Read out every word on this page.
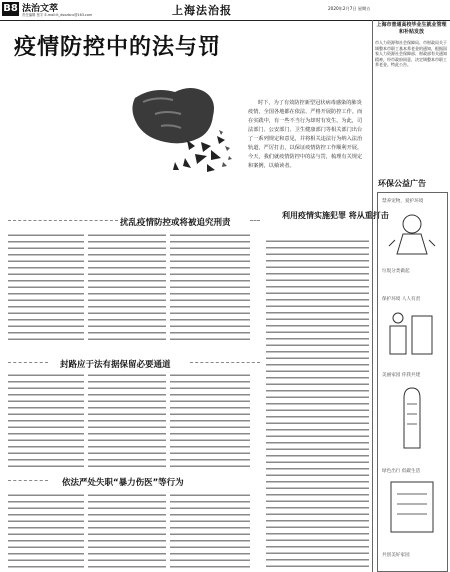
B8 法治文萃
责任编辑 张宇 E-mail:lt_dsxzbcu@163.com	上海法治报	2020年2月7日 星期五
疫情防控中的法与罚
时下，为了有效防控新型冠状病毒感染的肺炎疫情，全国各地都在依法、严格开展防控工作。而在实践中，有一些不当行为却时有发生。为此，司法部门、公安部门、卫生健康部门等相关部门出台了一系列规定和意见，并将相关违法行为纳入法治轨道，严厉打击，以保证疫情防控工作顺利开展。今天，我们就疫情防控中的法与罚，梳理有关规定和案例，以飨读者。
扰乱疫情防控或将被追究刑责
利用疫情实施犯罪 将从重打击
封路应于法有据保留必要通道
依法严处失职“暴力伤医”等行为
上海市普通高校毕业生就业管理和补贴发放
市人力资源和社会保障局、市财政局关于调整本市职工基本养老金的通知，根据国家人力资源社会保障部、财政部有关通知精神，经市政府同意，决定调整本市职工养老金。特此公告。
环保公益广告
禁养宠物，爱护环境
垃圾分类做起
保护环境 人人有责
美丽家园 你我共建
绿色出行 低碳生活
共创美好家园
